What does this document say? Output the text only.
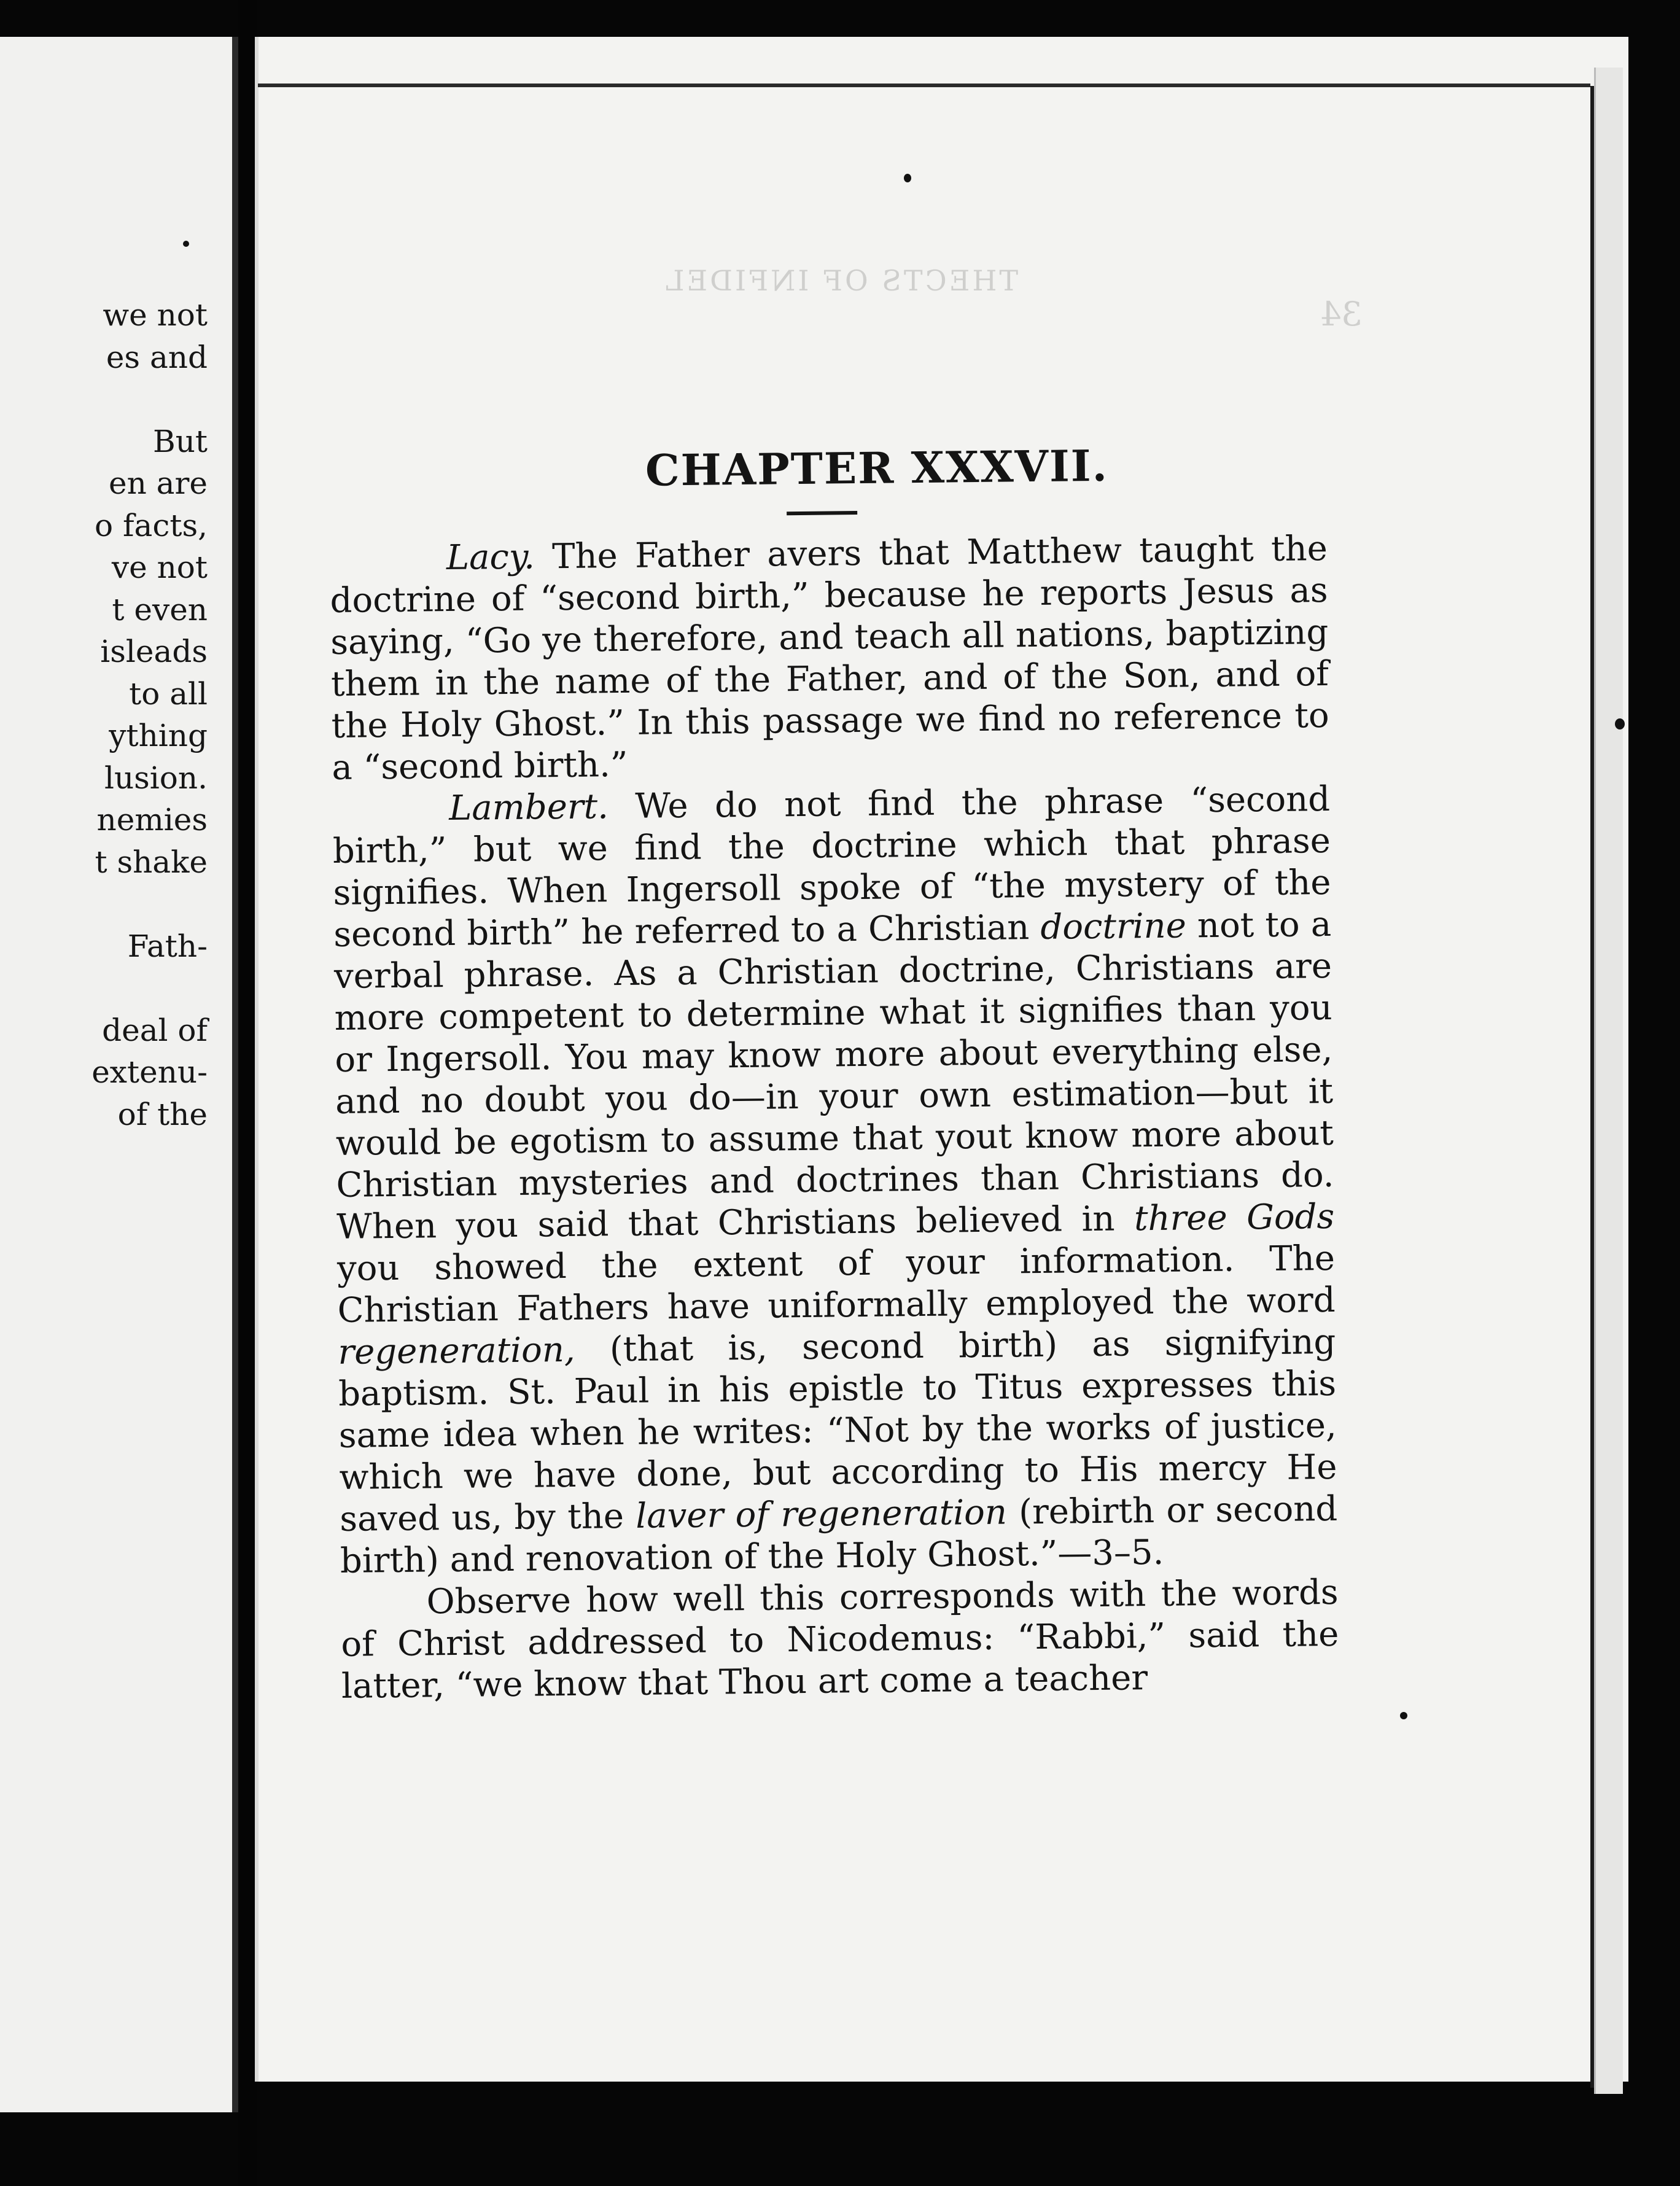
we not
es and
But
en are
o facts,
ve not
t even
isleads
to all
ything
lusion.
nemies
t shake
Fath-
deal of
extenu-
of the
THECTS OF INFIDEL
34
CHAPTER XXXVII.

Lacy. The Father avers that Matthew taught the doctrine of “second birth,” because he reports Jesus as saying, “Go ye therefore, and teach all nations, baptizing them in the name of the Father, and of the Son, and of the Holy Ghost.” In this passage we find no reference to a “second birth.”

Lambert. We do not find the phrase “second birth,” but we find the doctrine which that phrase signifies. When Ingersoll spoke of “the mystery of the second birth” he referred to a Christian doctrine not to a verbal phrase. As a Christian doctrine, Christians are more competent to determine what it signifies than you or Ingersoll. You may know more about everything else, and no doubt you do—in your own estimation—but it would be egotism to assume that yout know more about Christian mysteries and doctrines than Christians do. When you said that Christians believed in three Gods you showed the extent of your information. The Christian Fathers have uniformally employed the word regeneration, (that is, second birth) as signifying baptism. St. Paul in his epistle to Titus expresses this same idea when he writes: “Not by the works of justice, which we have done, but according to His mercy He saved us, by the laver of regeneration (rebirth or second birth) and renovation of the Holy Ghost.”—3–5.

Observe how well this corresponds with the words of Christ addressed to Nicodemus: “Rabbi,” said the latter, “we know that Thou art come a teacher
